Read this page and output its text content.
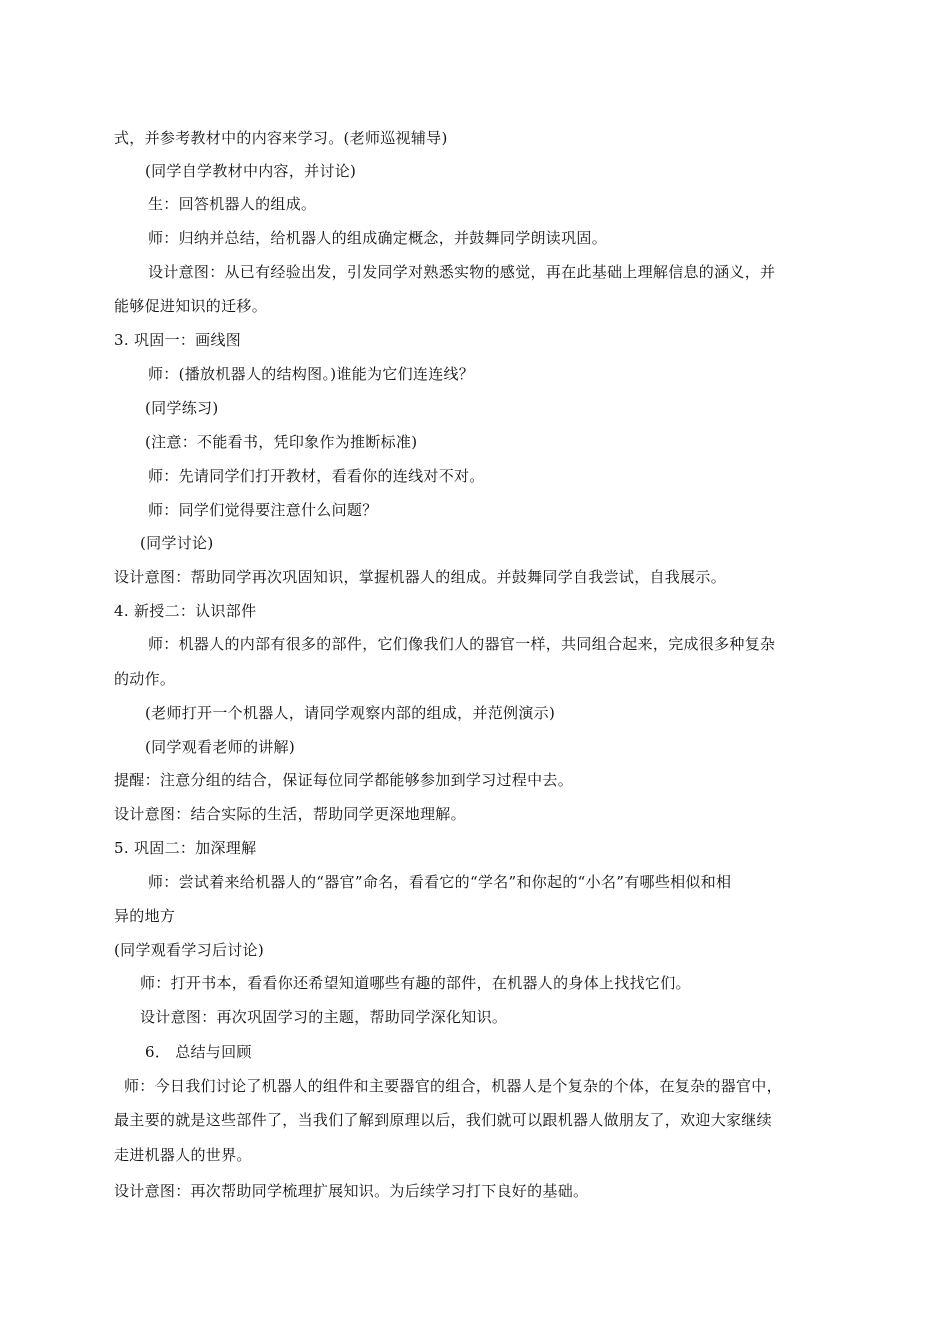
式，并参考教材中的内容来学习。(老师巡视辅导)
(同学自学教材中内容，并讨论)
生：回答机器人的组成。
师：归纳并总结，给机器人的组成确定概念，并鼓舞同学朗读巩固。
设计意图：从已有经验出发，引发同学对熟悉实物的感觉，再在此基础上理解信息的涵义，并
能够促进知识的迁移。
3. 巩固一：画线图
师：(播放机器人的结构图。)谁能为它们连连线？
(同学练习)
(注意：不能看书，凭印象作为推断标准)
师：先请同学们打开教材，看看你的连线对不对。
师：同学们觉得要注意什么问题？
(同学讨论)
设计意图：帮助同学再次巩固知识，掌握机器人的组成。并鼓舞同学自我尝试，自我展示。
4. 新授二：认识部件
师：机器人的内部有很多的部件，它们像我们人的器官一样，共同组合起来，完成很多种复杂
的动作。
(老师打开一个机器人，请同学观察内部的组成，并范例演示)
(同学观看老师的讲解)
提醒：注意分组的结合，保证每位同学都能够参加到学习过程中去。
设计意图：结合实际的生活，帮助同学更深地理解。
5. 巩固二：加深理解
师：尝试着来给机器人的“器官”命名，看看它的“学名”和你起的“小名”有哪些相似和相
异的地方
(同学观看学习后讨论)
师：打开书本，看看你还希望知道哪些有趣的部件，在机器人的身体上找找它们。
设计意图：再次巩固学习的主题，帮助同学深化知识。
6． 总结与回顾
师：今日我们讨论了机器人的组件和主要器官的组合，机器人是个复杂的个体，在复杂的器官中，
最主要的就是这些部件了，当我们了解到原理以后，我们就可以跟机器人做朋友了，欢迎大家继续
走进机器人的世界。
设计意图：再次帮助同学梳理扩展知识。为后续学习打下良好的基础。
